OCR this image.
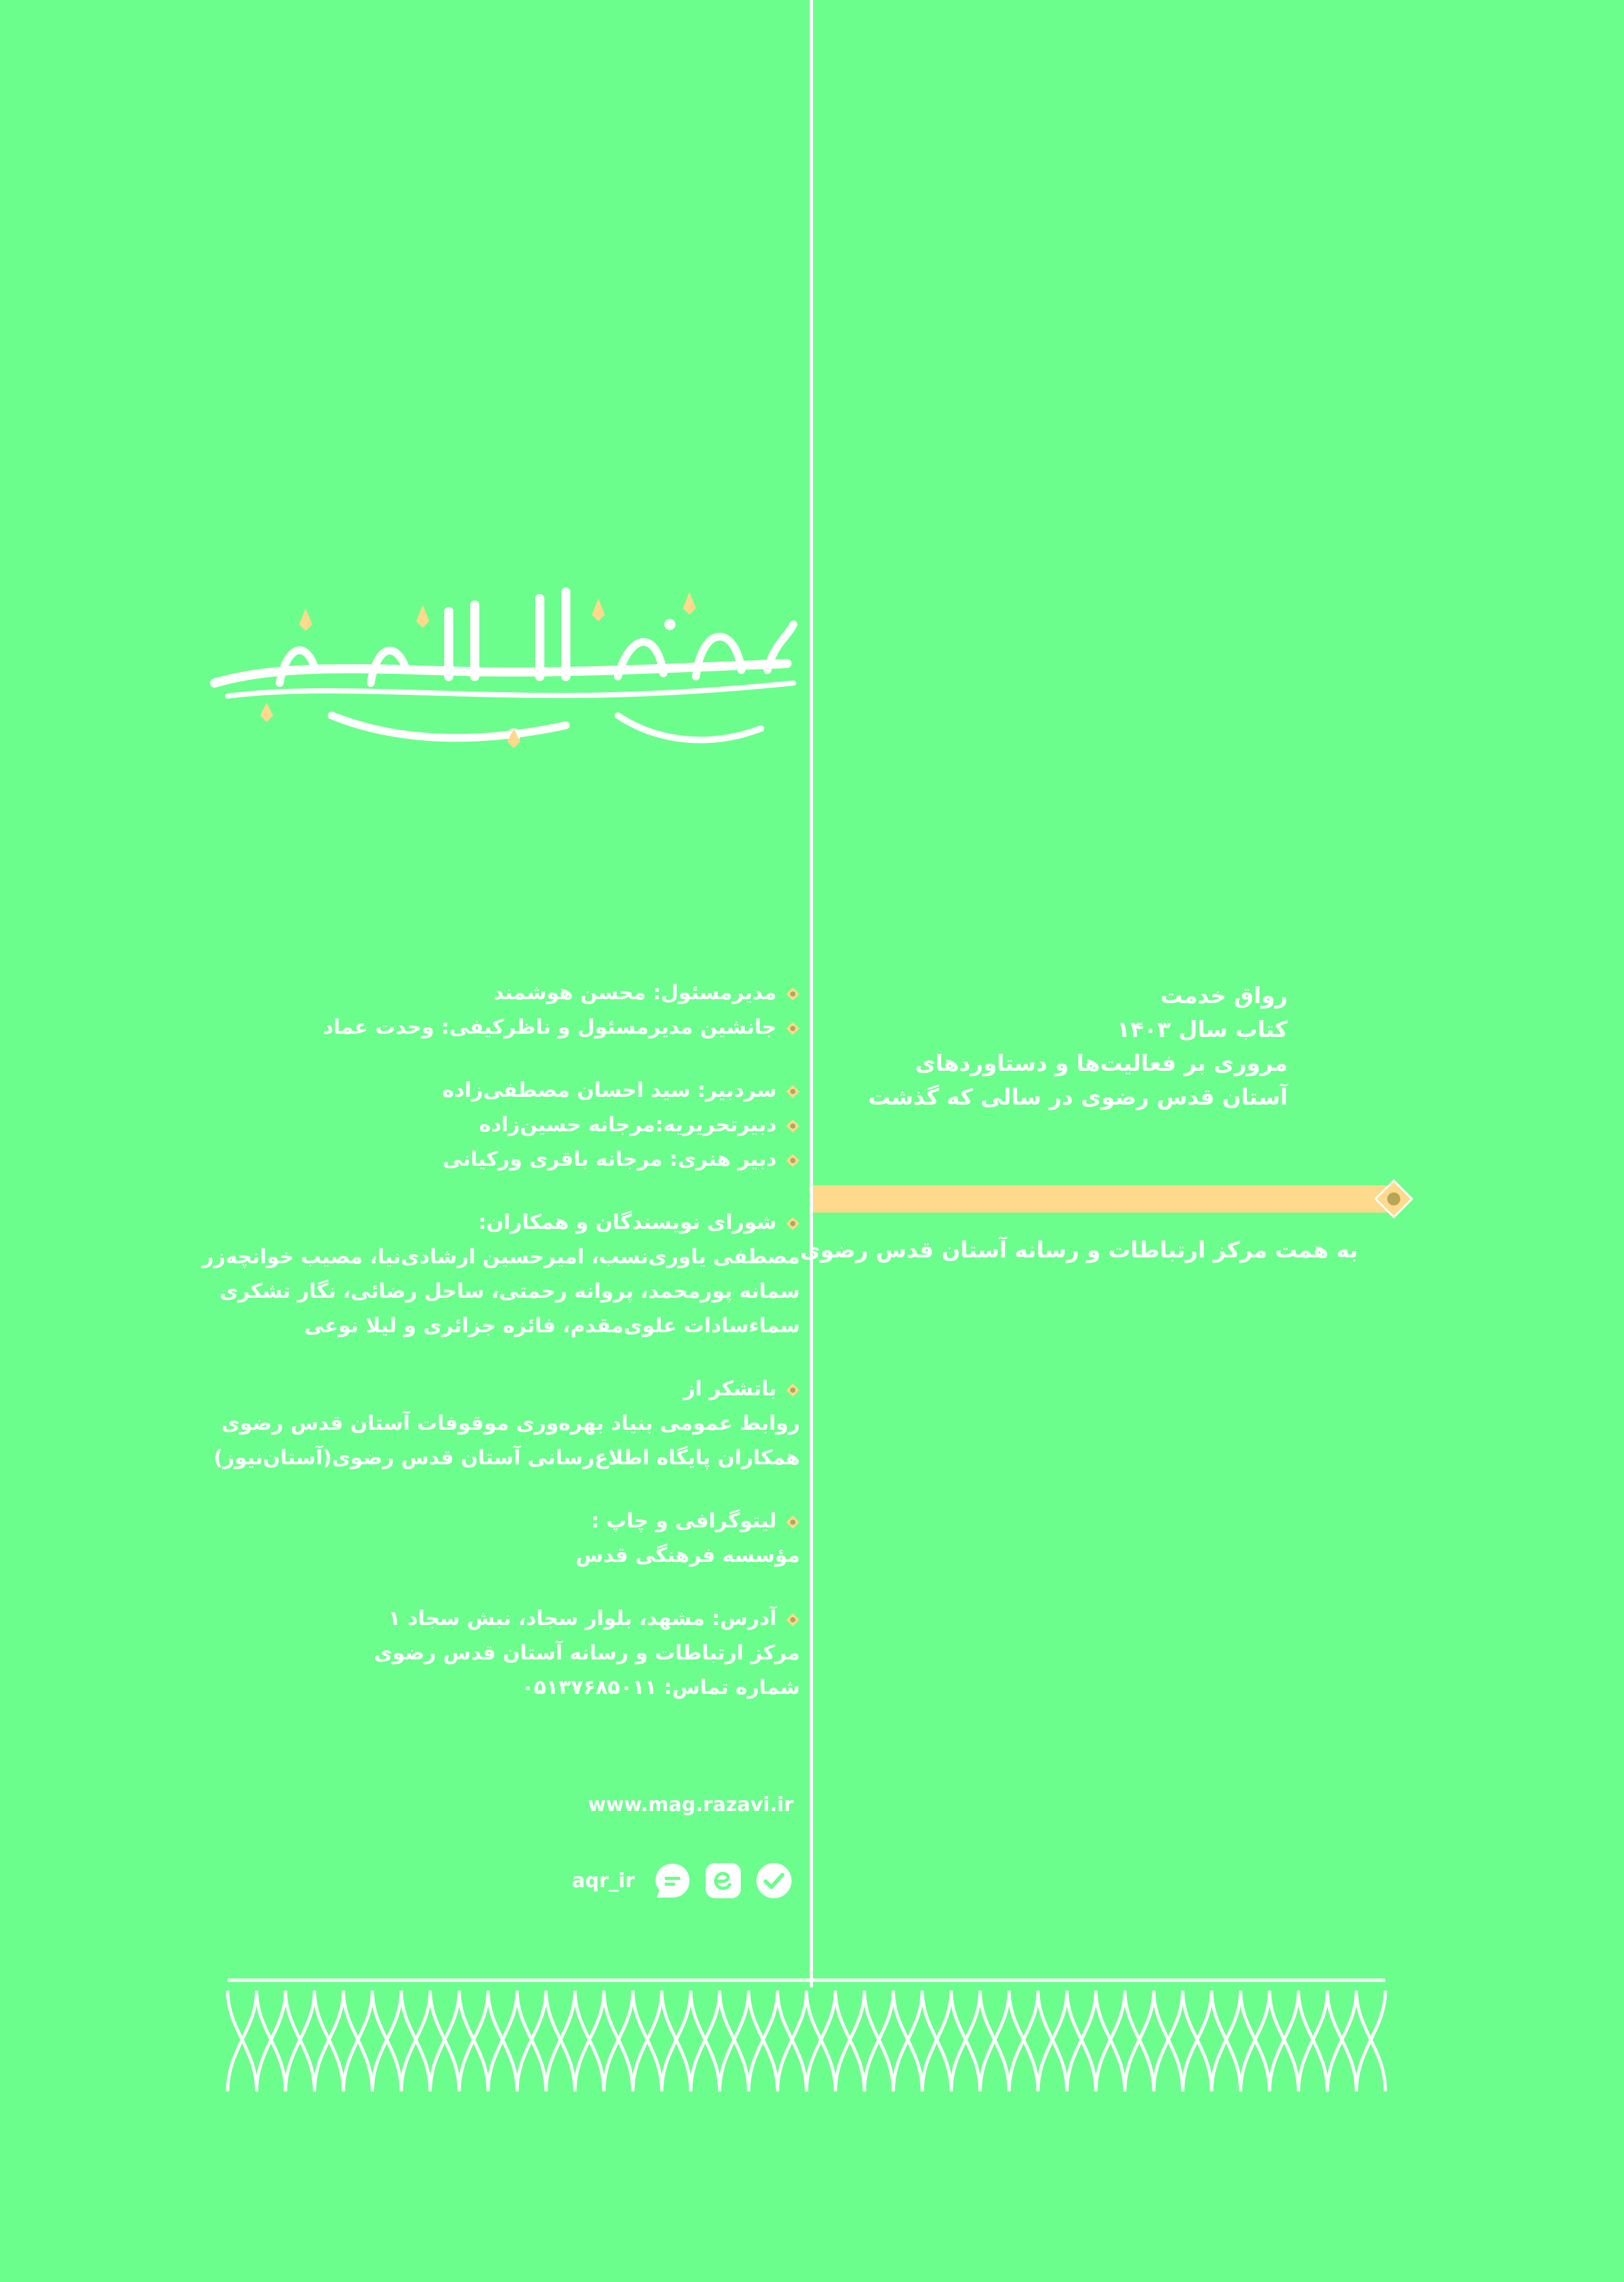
رواق خدمت
کتاب سال ۱۴۰۳
مروری بر فعالیت‌ها و دستاوردهای
آستان قدس رضوی در سالی که گذشت
به همت مرکز ارتباطات و رسانه آستان قدس رضوی
مدیرمسئول: محسن هوشمند
جانشین مدیرمسئول و ناظرکیفی: وحدت عماد
سردبیر: سید احسان مصطفی‌زاده
دبیرتحریریه:مرجانه حسین‌زاده
دبیر هنری: مرجانه باقری ورکیانی
شورای نویسندگان و همکاران:
مصطفی یاوری‌نسب، امیرحسین ارشادی‌نیا، مصیب خوانچه‌زر
سمانه پورمحمد، پروانه رحمتی، ساحل رضائی، نگار تشکری
سماء‌سادات علوی‌مقدم، فائزه جزائری و لیلا نوعی
باتشکر از
روابط عمومی بنیاد بهره‌وری موقوفات آستان قدس رضوی
همکاران پایگاه اطلاع‌رسانی آستان قدس رضوی(آستان‌نیوز)
لیتوگرافی و چاپ :
مؤسسه فرهنگی قدس
آدرس: مشهد، بلوار سجاد، نبش سجاد ۱
مرکز ارتباطات و رسانه آستان قدس رضوی
شماره تماس: ۰۵۱۳۷۶۸۵۰۱۱
www.mag.razavi.ir
aqr_ir
